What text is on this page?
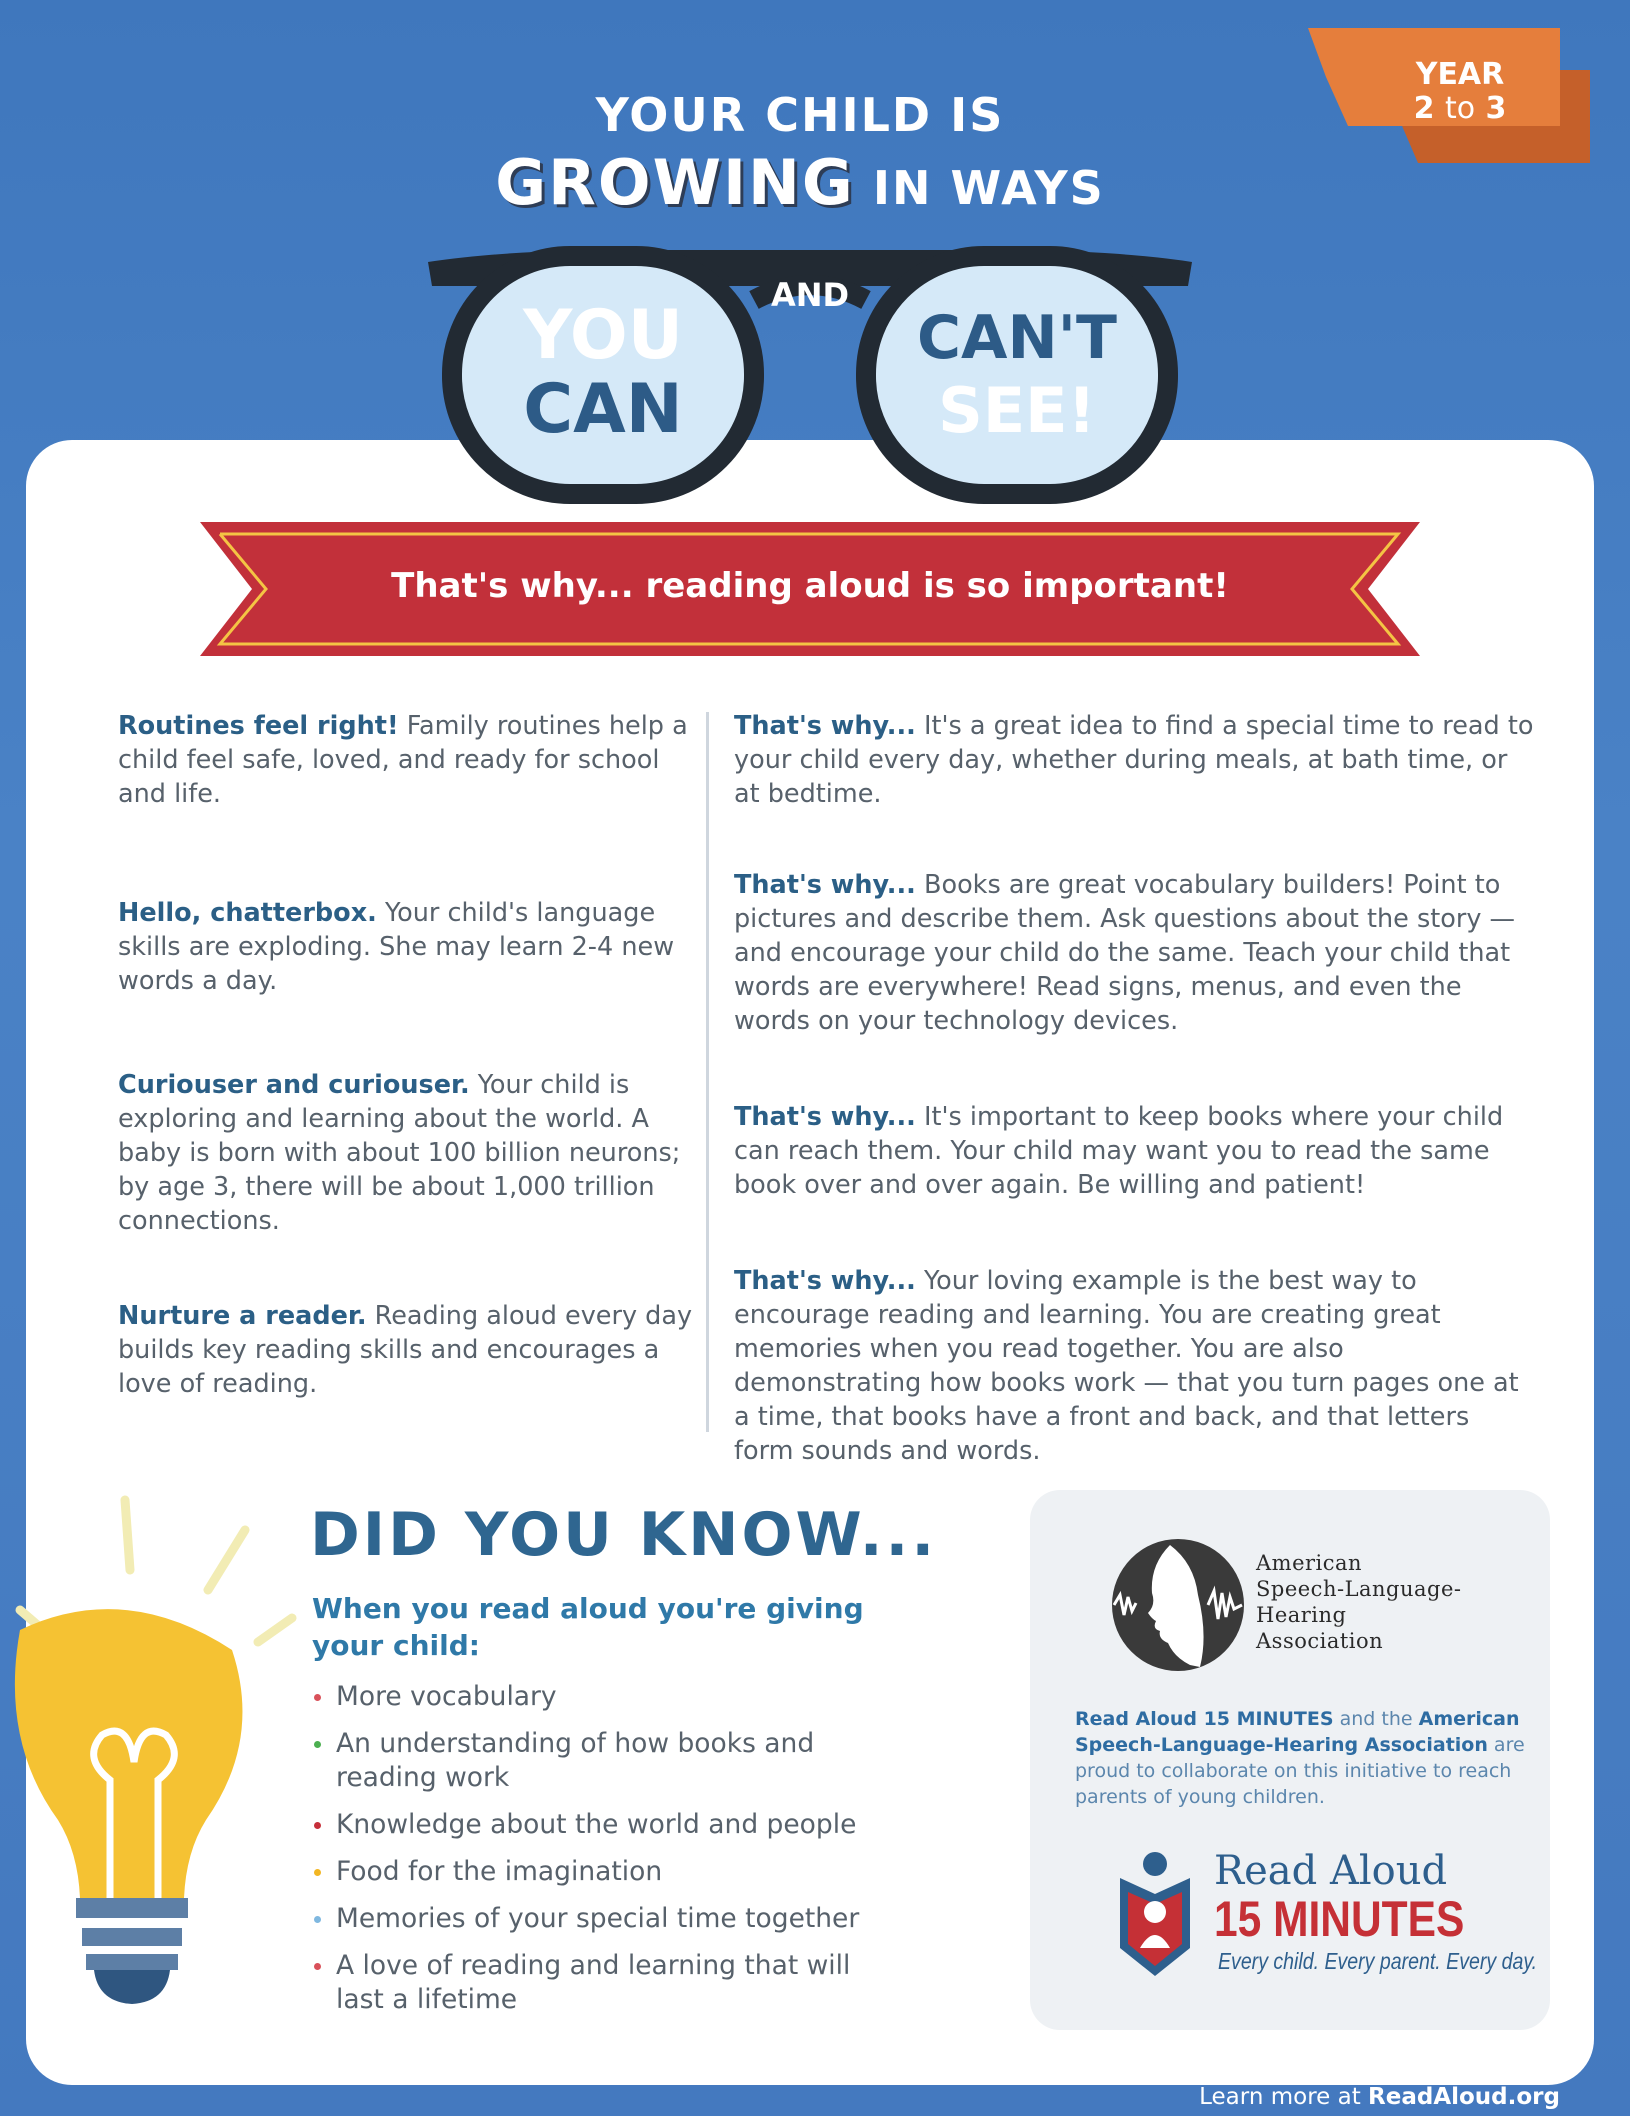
YEAR
2 to 3
YOUR CHILD IS
GROWING IN WAYS
YOU
CAN
AND
CAN'T
SEE!
That's why... reading aloud is so important!
Routines feel right! Family routines help a child feel safe, loved, and ready for school and life.
Hello, chatterbox. Your child's language skills are exploding. She may learn 2-4 new words a day.
Curiouser and curiouser. Your child is exploring and learning about the world. A baby is born with about 100 billion neurons; by age 3, there will be about 1,000 trillion connections.
Nurture a reader. Reading aloud every day builds key reading skills and encourages a love of reading.
That's why... It's a great idea to find a special time to read to your child every day, whether during meals, at bath time, or at bedtime.
That's why... Books are great vocabulary builders! Point to pictures and describe them. Ask questions about the story — and encourage your child do the same. Teach your child that words are everywhere! Read signs, menus, and even the words on your technology devices.
That's why... It's important to keep books where your child can reach them. Your child may want you to read the same book over and over again. Be willing and patient!
That's why... Your loving example is the best way to encourage reading and learning. You are creating great memories when you read together. You are also demonstrating how books work — that you turn pages one at a time, that books have a front and back, and that letters form sounds and words.
DID YOU KNOW...
When you read aloud you're giving your child:
More vocabulary
An understanding of how books and reading work
Knowledge about the world and people
Food for the imagination
Memories of your special time together
A love of reading and learning that will last a lifetime
American
Speech-Language-
Hearing
Association
Read Aloud 15 MINUTES and the American Speech-Language-Hearing Association are proud to collaborate on this initiative to reach parents of young children.
Read Aloud
15 MINUTES
Every child. Every parent. Every day.
Learn more at ReadAloud.org
